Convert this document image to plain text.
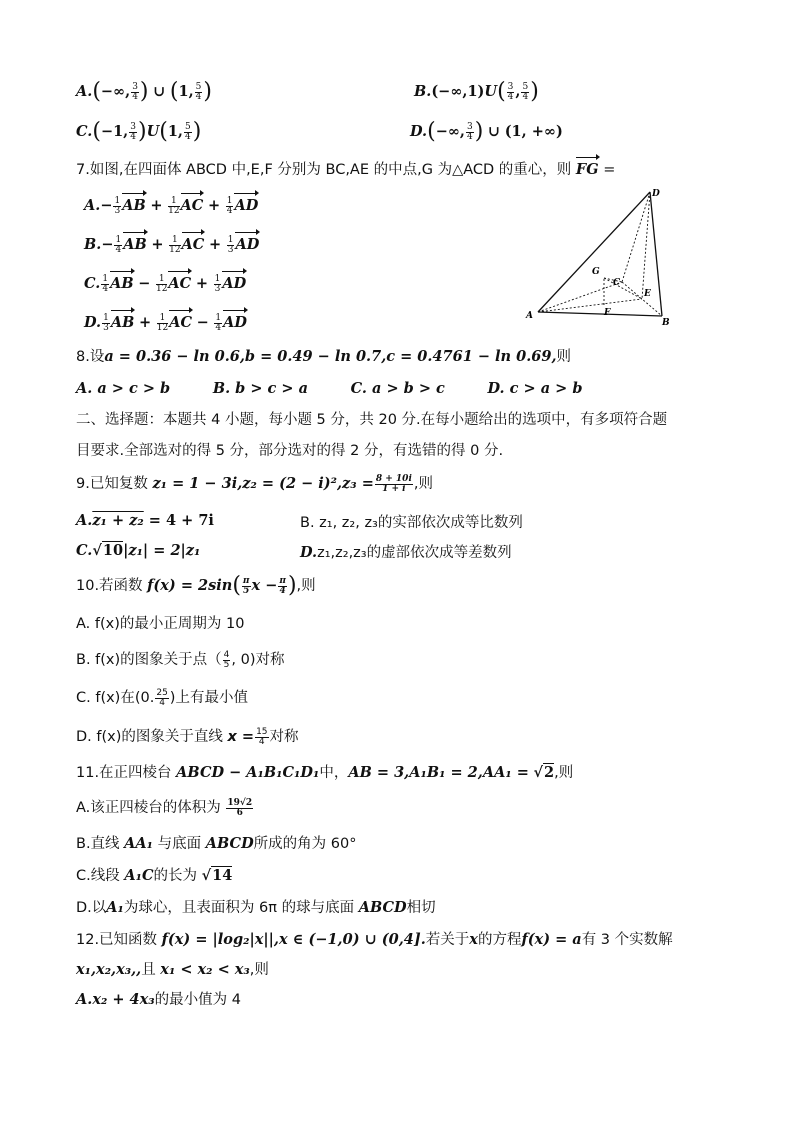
A.(−∞, $\frac{3}{4}$ ) ∪ (1, $\frac{5}{4}$ )	$B.(-\infty,1)U( \frac{3}{4}$ , $\frac{5}{4}$ )
C.(−1, $\frac{3}{4} )U(1$, $\frac{5}{4}$ )	D.(−∞, $\frac{3}{4}$ ) ∪ (1, +∞)
7.如图,在四面体 ABCD 中,E,F 分别为 BC,AE 的中点,G 为△ACD 的重心，则 FG =
$A.- \frac{1}{3}$ AB + $\frac{1}{12}$ AC + $\frac{1}{4}$ AD
$B.- \frac{1}{4}$ AB + $\frac{1}{12}$ AC + $\frac{1}{3}$ AD
C. $\frac{1}{4}$ AB − $\frac{1}{12}$ AC + $\frac{1}{3}$ AD
D. $\frac{1}{3}$ AB + $\frac{1}{12}$ AC − $\frac{1}{4}$ AD
D
A
B
C
E
F
G
8.设a = 0.36 − ln 0.6,b = 0.49 − ln 0.7,c = 0.4761 − ln 0.69,则
A. a > c > b	B. b > c > a	C. a > b > c	D. c > a > b
二、选择题：本题共 4 小题，每小题 5 分，共 20 分.在每小题给出的选项中，有多项符合题
目要求.全部选对的得 5 分，部分选对的得 2 分，有选错的得 0 分.
9.已知复数 $z_1 = 1 - 3i,z_2 = (2 - i)^2,z_3 = \frac{8 + 10i}{1 + i}$ ,则
A.z₁ + z₂ = 4 + 7i	B. z₁, z₂, z₃的实部依次成等比数列
C.√10|z₁| = 2|z₁	D.z₁,z₂,z₃的虚部依次成等差数列
10.若函数 $f(x) = 2\sin( \frac{\pi}{5}$ $x - \frac{\pi}{4}$ ),则
A. f(x)的最小正周期为 10
B. f(x)的图象关于点（ $\frac{4}{5}$ , 0)对称
C. f(x)在(0. $\frac{25}{4}$ )上有最小值
D. f(x)的图象关于直线 $x = \frac{15}{4}$ 对称
11.在正四棱台 ABCD − A₁B₁C₁D₁中，AB = 3,A₁B₁ = 2,AA₁ = √2,则
A.该正四棱台的体积为 $\frac{19√2}{6}$
B.直线 AA₁ 与底面 ABCD所成的角为 60°
C.线段 A₁C的长为 √14
D.以A₁为球心，且表面积为 6π 的球与底面 ABCD相切
12.已知函数 f(x) = |log₂|x||,x ∈ (−1,0) ∪ (0,4].若关于x的方程f(x) = a有 3 个实数解
x₁,x₂,x₃,,且 x₁ < x₂ < x₃,则
A.x₂ + 4x₃的最小值为 4
